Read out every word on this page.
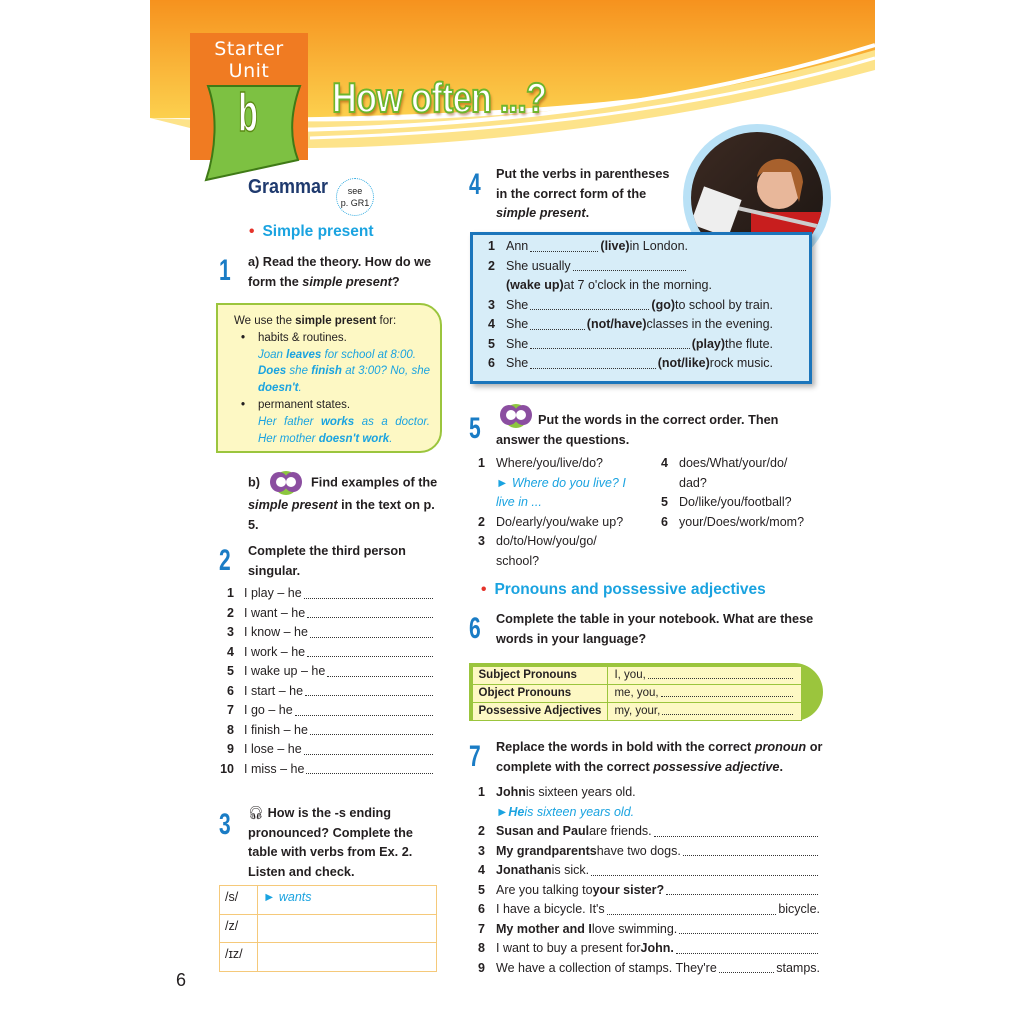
Starter
Unit
b How often ...?
Grammar	see
p. GR1
• Simple present
1 a) Read the theory. How do we form the simple present?
We use the simple present for:
• habits & routines.
Joan leaves for school at 8:00.
Does she finish at 3:00? No, she doesn't.
• permanent states.
Her father works as a doctor. Her mother doesn't work.
b)	Find examples of the simple present in the text on p. 5.
2 Complete the third person singular.
1 I play – he
2 I want – he
3 I know – he
4 I work – he
5 I wake up – he
6 I start – he
7 I go – he
8 I finish – he
9 I lose – he
10 I miss – he
3 🎧︎ How is the -s ending pronounced? Complete the table with verbs from Ex. 2. Listen and check.
/s/	► wants
/z/	
/ɪz/	
6
4 Put the verbs in parentheses in the correct form of the simple present.
1 Ann	(live) in London.
2 She usually
(wake up) at 7 o'clock in the morning.
3 She	(go) to school by train.
4 She	(not/have) classes in the evening.
5 She	(play) the flute.
6 She	(not/like) rock music.
5	Put the words in the correct order. Then answer the questions.
1 Where/you/live/do?
► Where do you live? I
live in ...
2 Do/early/you/wake up?
3 do/to/How/you/go/
school?
4 does/What/your/do/
dad?
5 Do/like/you/football?
6 your/Does/work/mom?
• Pronouns and possessive adjectives
6 Complete the table in your notebook. What are these words in your language?
Subject Pronouns	I, you,

Object Pronouns	me, you,

Possessive Adjectives	my, your,
7 Replace the words in bold with the correct pronoun or complete with the correct possessive adjective.
1 John is sixteen years old.
► He is sixteen years old.
2 Susan and Paul are friends.
3 My grandparents have two dogs.
4 Jonathan is sick.
5 Are you talking to your sister?
6 I have a bicycle. It's	bicycle.
7 My mother and I love swimming.
8 I want to buy a present for John.
9 We have a collection of stamps. They're	stamps.
